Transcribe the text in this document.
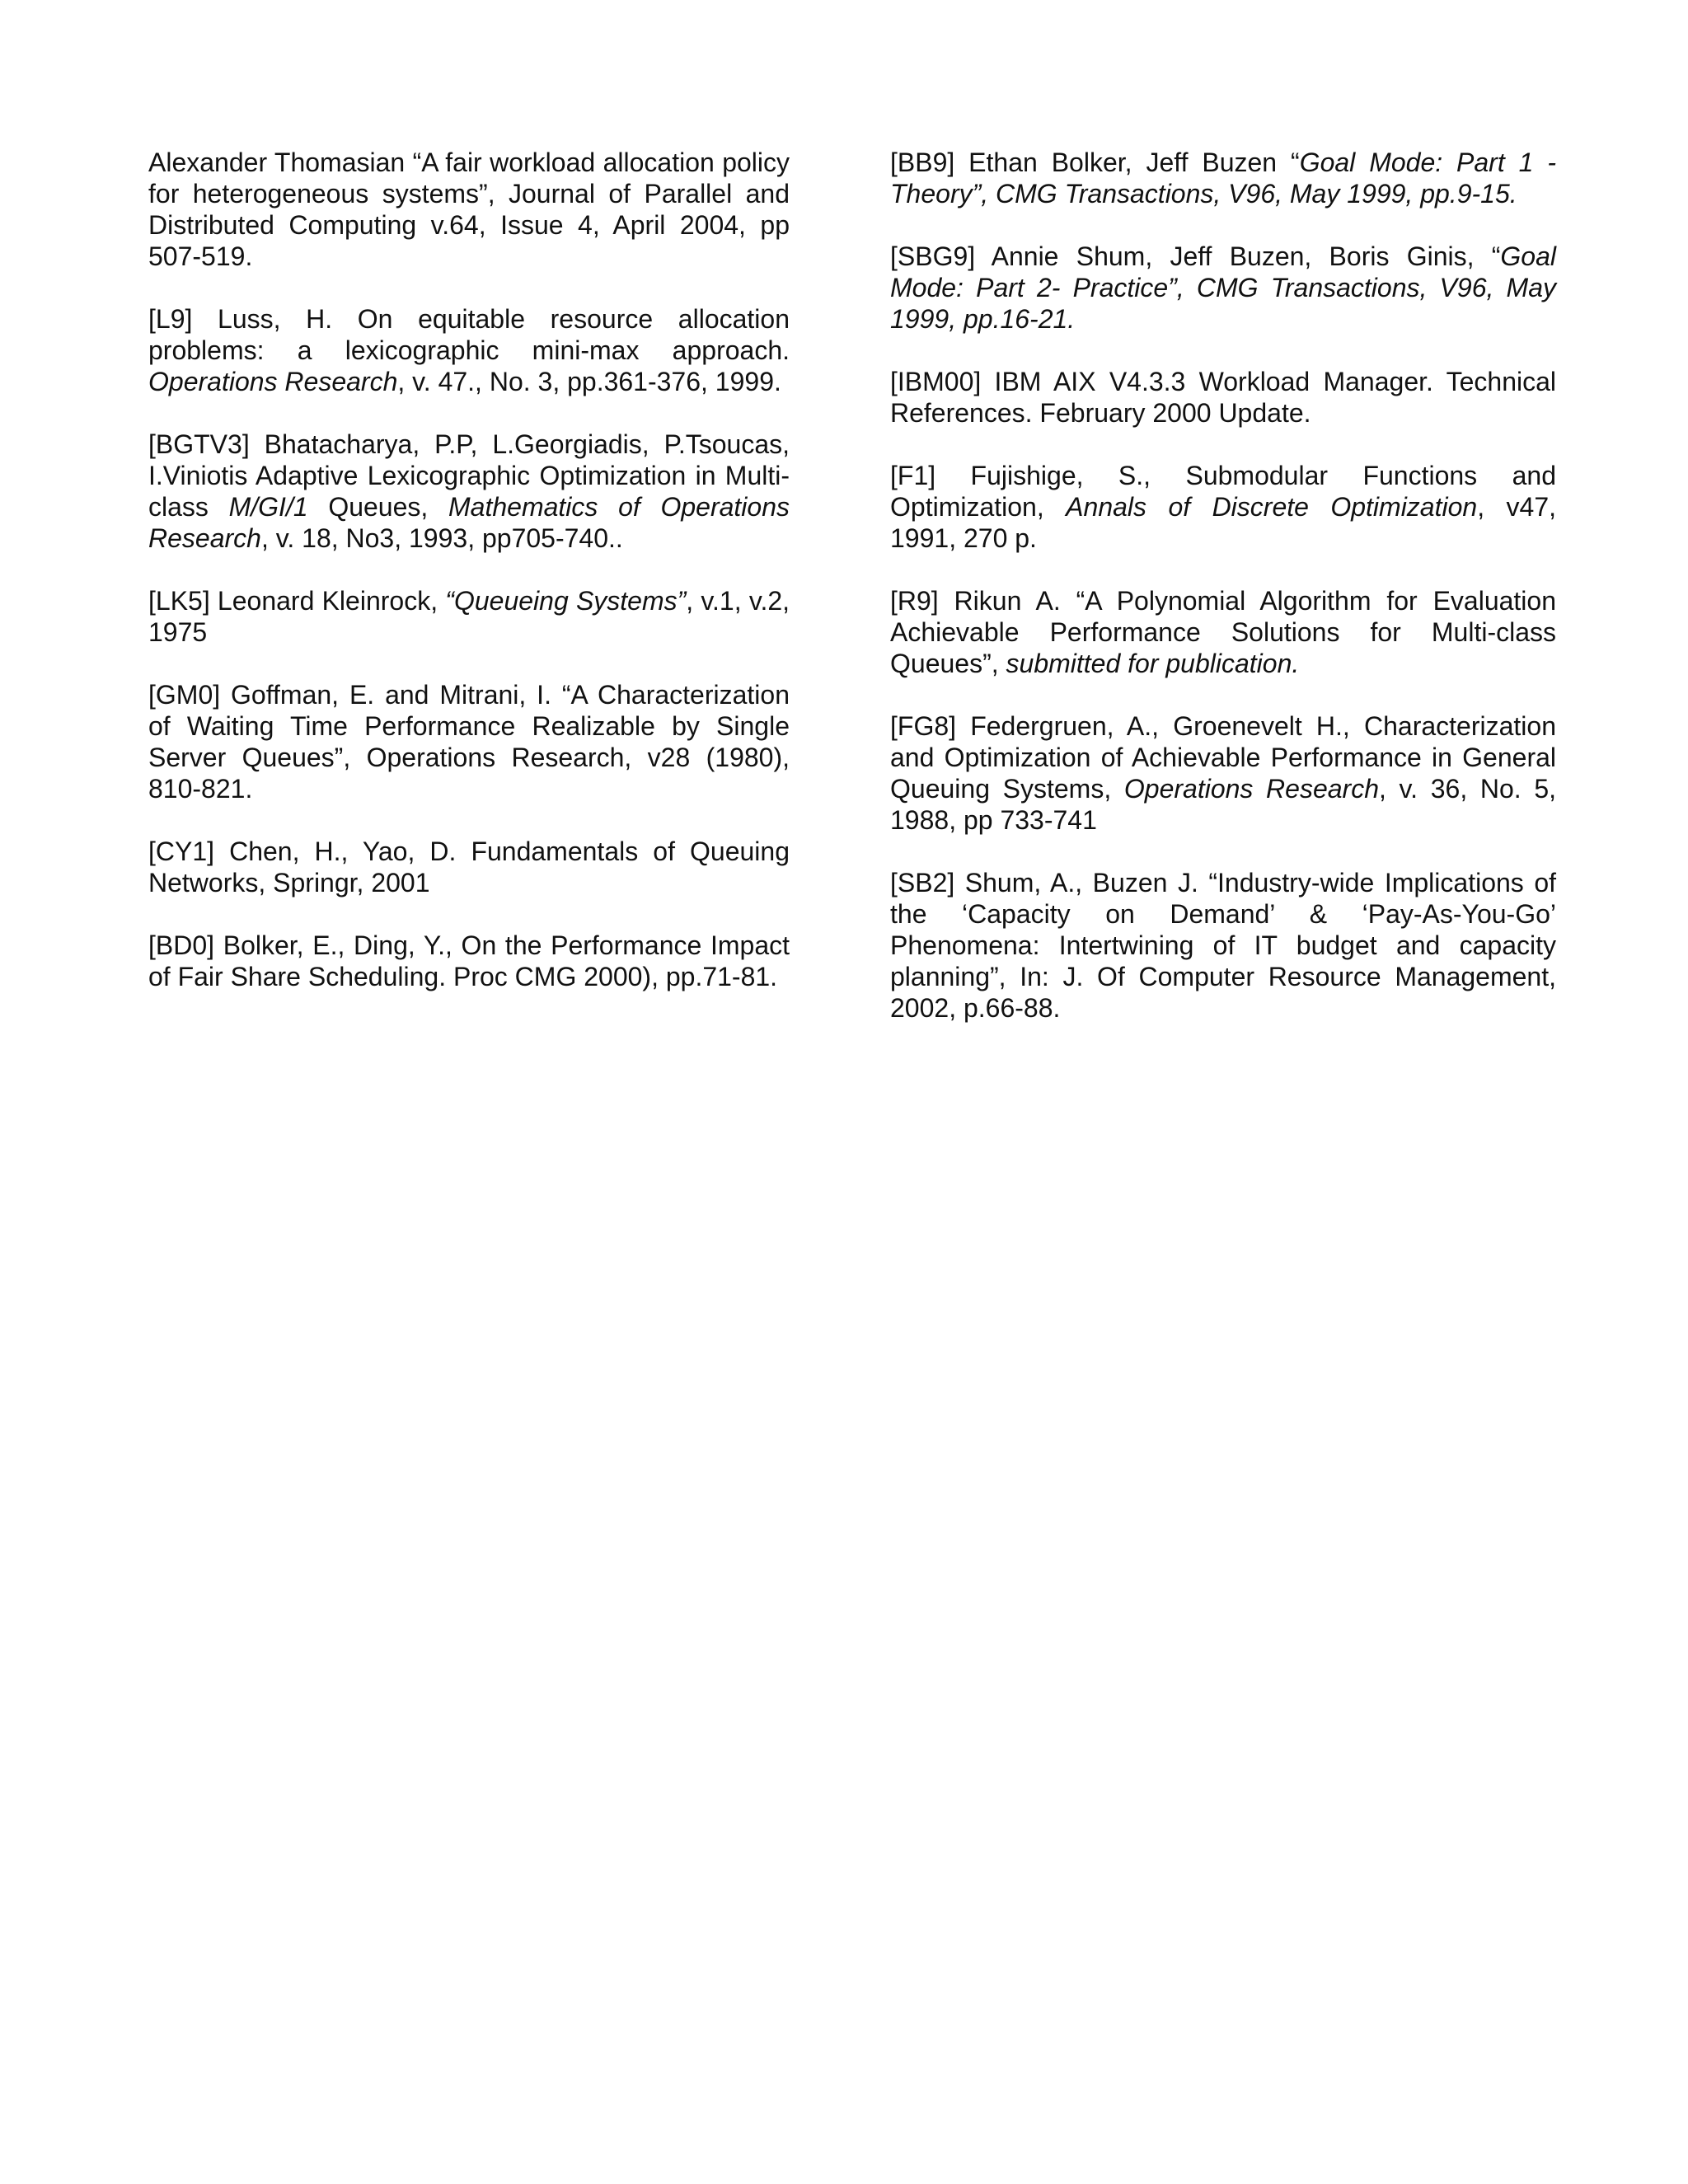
Alexander Thomasian “A fair workload allocation policy for heterogeneous systems”, Journal of Parallel and Distributed Computing v.64, Issue 4, April 2004, pp 507-519.

[L9] Luss, H. On equitable resource allocation problems: a lexicographic mini-max approach. Operations Research, v. 47., No. 3, pp.361-376, 1999.

[BGTV3] Bhatacharya, P.P, L.Georgiadis, P.Tsoucas, I.Viniotis Adaptive Lexicographic Optimization in Multi-class M/GI/1 Queues, Mathematics of Operations Research, v. 18, No3, 1993, pp705-740..

[LK5] Leonard Kleinrock, “Queueing Systems”, v.1, v.2, 1975

[GM0] Goffman, E. and Mitrani, I. “A Characterization of Waiting Time Performance Realizable by Single Server Queues”, Operations Research, v28 (1980), 810-821.

[CY1] Chen, H., Yao, D. Fundamentals of Queuing Networks, Springr, 2001

[BD0] Bolker, E., Ding, Y., On the Performance Impact of Fair Share Scheduling. Proc CMG 2000), pp.71-81.

[BB9] Ethan Bolker, Jeff Buzen “Goal Mode: Part 1 - Theory”, CMG Transactions, V96, May 1999, pp.9-15.

[SBG9] Annie Shum, Jeff Buzen, Boris Ginis, “Goal Mode: Part 2- Practice”, CMG Transactions, V96, May 1999, pp.16-21.

[IBM00] IBM AIX V4.3.3 Workload Manager. Technical References. February 2000 Update.

[F1] Fujishige, S., Submodular Functions and Optimization, Annals of Discrete Optimization, v47, 1991, 270 p.

[R9] Rikun A. “A Polynomial Algorithm for Evaluation Achievable Performance Solutions for Multi-class Queues”, submitted for publication.

[FG8] Federgruen, A., Groenevelt H., Characterization and Optimization of Achievable Performance in General Queuing Systems, Operations Research, v. 36, No. 5, 1988, pp 733-741

[SB2] Shum, A., Buzen J. “Industry-wide Implications of the ‘Capacity on Demand’ & ‘Pay-As-You-Go’ Phenomena: Intertwining of IT budget and capacity planning”, In: J. Of Computer Resource Management, 2002, p.66-88.
